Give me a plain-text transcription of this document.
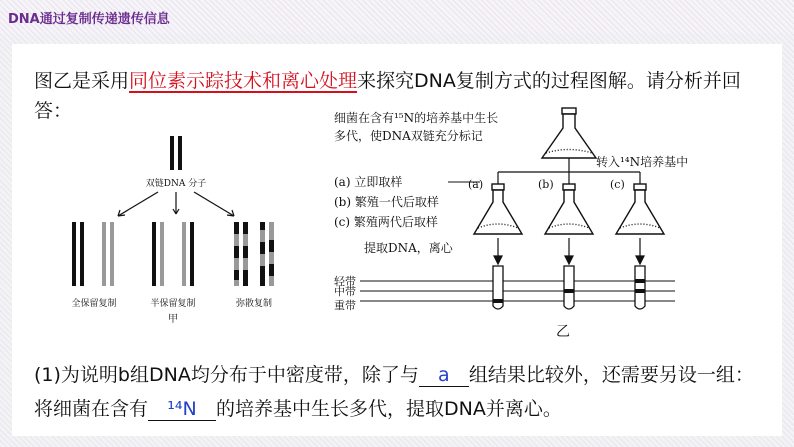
DNA通过复制传递遗传信息
图乙是采用同位素示踪技术和离心处理来探究DNA复制方式的过程图解。请分析并回答：
双链DNA 分子
全保留复制	半保留复制	弥散复制
甲
细菌在含有¹⁵N的培养基中生长
多代，使DNA双链充分标记
转入¹⁴N培养基中
(a) 立即取样
(b) 繁殖一代后取样
(c) 繁殖两代后取样
(a)	(b)	(c)
提取DNA，离心
轻带
中带
重带
乙
(1)为说明b组DNA均分布于中密度带，除了与 a 组结果比较外，还需要另设一组：将细菌在含有 ¹⁴N 的培养基中生长多代，提取DNA并离心。
